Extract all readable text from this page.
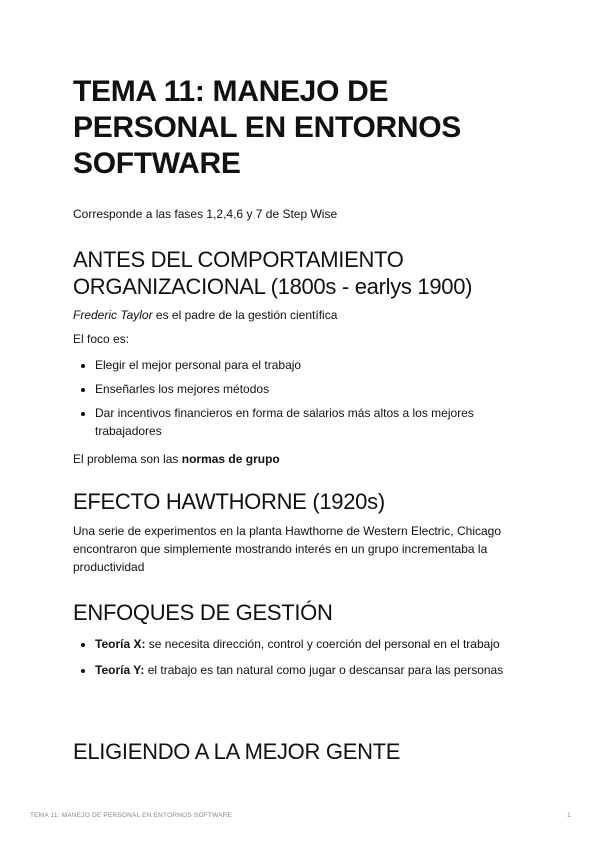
TEMA 11: MANEJO DE PERSONAL EN ENTORNOS SOFTWARE
Corresponde a las fases 1,2,4,6 y 7 de Step Wise
ANTES DEL COMPORTAMIENTO ORGANIZACIONAL (1800s - earlys 1900)
Frederic Taylor es el padre de la gestión científica
El foco es:
• Elegir el mejor personal para el trabajo
• Enseñarles los mejores métodos
• Dar incentivos financieros en forma de salarios más altos a los mejores trabajadores
El problema son las normas de grupo
EFECTO HAWTHORNE (1920s)
Una serie de experimentos en la planta Hawthorne de Western Electric, Chicago encontraron que simplemente mostrando interés en un grupo incrementaba la productividad
ENFOQUES DE GESTIÓN
• Teoría X: se necesita dirección, control y coerción del personal en el trabajo
• Teoría Y: el trabajo es tan natural como jugar o descansar para las personas
ELIGIENDO A LA MEJOR GENTE
TEMA 11: MANEJO DE PERSONAL EN ENTORNOS SOFTWARE	1
